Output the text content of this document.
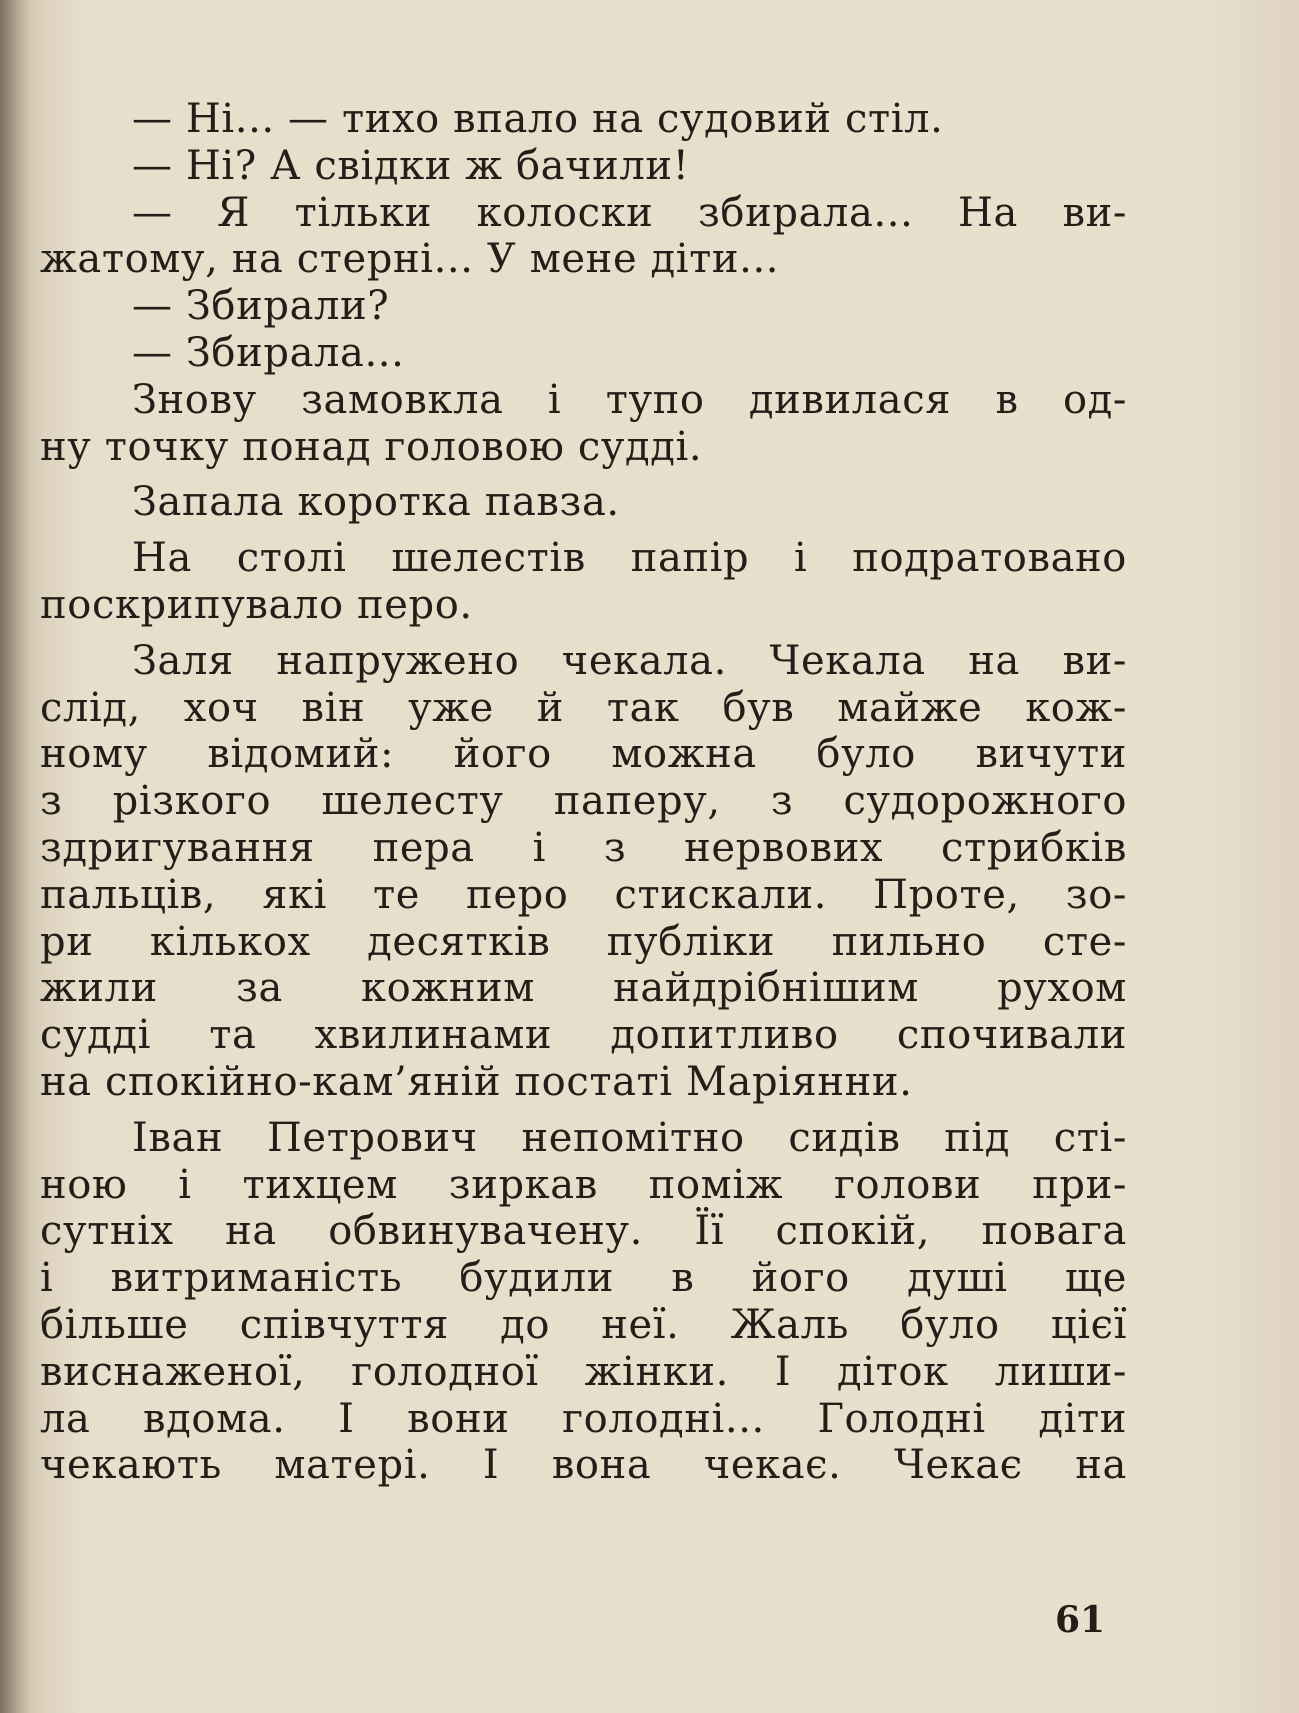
— Ні... — тихо впало на судовий стіл.
— Ні? А свідки ж бачили!
— Я тільки колоски збирала... На ви-
жатому, на стерні... У мене діти...
— Збирали?
— Збирала...
Знову замовкла і тупо дивилася в од-
ну точку понад головою судді.
Запала коротка павза.
На столі шелестів папір і подратовано
поскрипувало перо.
Заля напружено чекала. Чекала на ви-
слід, хоч він уже й так був майже кож-
ному відомий: його можна було вичути
з різкого шелесту паперу, з судорожного
здригування пера і з нервових стрибків
пальців, які те перо стискали. Проте, зо-
ри кількох десятків публіки пильно сте-
жили за кожним найдрібнішим рухом
судді та хвилинами допитливо спочивали
на спокійно-кам’яній постаті Маріянни.
Іван Петрович непомітно сидів під сті-
ною і тихцем зиркав поміж голови при-
сутніх на обвинувачену. Її спокій, повага
і витриманість будили в його душі ще
більше співчуття до неї. Жаль було цієї
виснаженої, голодної жінки. І діток лиши-
ла вдома. І вони голодні... Голодні діти
чекають матері. І вона чекає. Чекає на
61
